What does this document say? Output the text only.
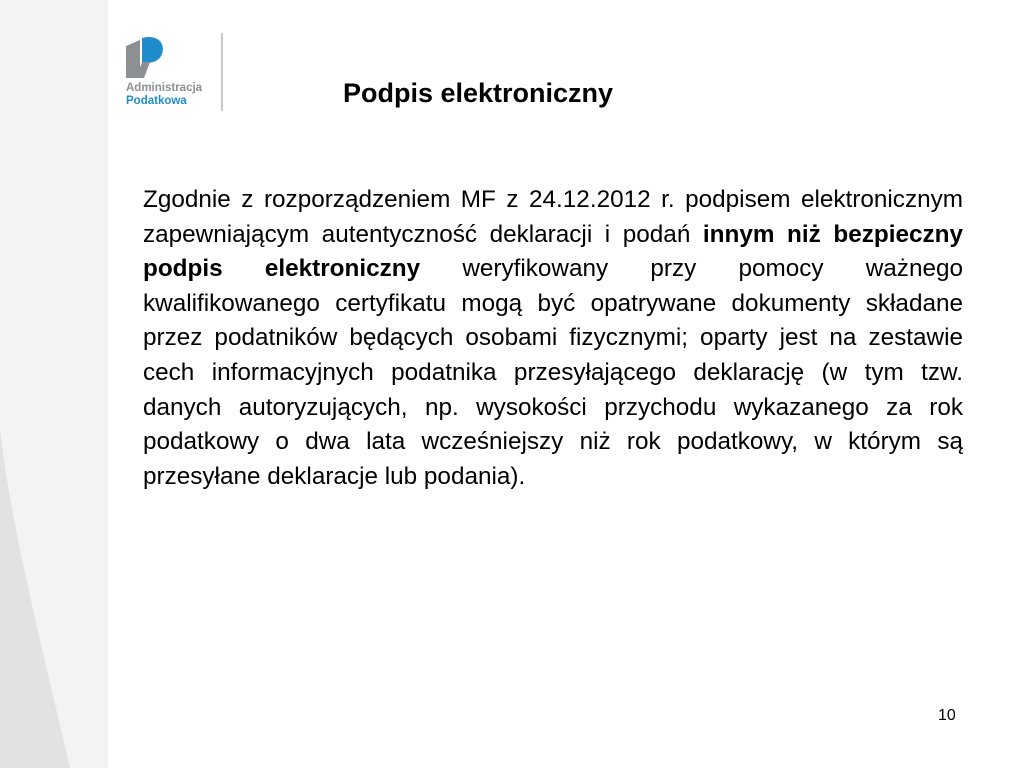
Administracja
Podatkowa	Podpis elektroniczny

Zgodnie z rozporządzeniem MF z 24.12.2012 r. podpisem elektronicznym zapewniającym autentyczność deklaracji i podań innym niż bezpieczny podpis elektroniczny weryfikowany przy pomocy ważnego kwalifikowanego certyfikatu mogą być opatrywane dokumenty składane przez podatników będących osobami fizycznymi; oparty jest na zestawie cech informacyjnych podatnika przesyłającego deklarację (w tym tzw. danych autoryzujących, np. wysokości przychodu wykazanego za rok podatkowy o dwa lata wcześniejszy niż rok podatkowy, w którym są przesyłane deklaracje lub podania).

10
